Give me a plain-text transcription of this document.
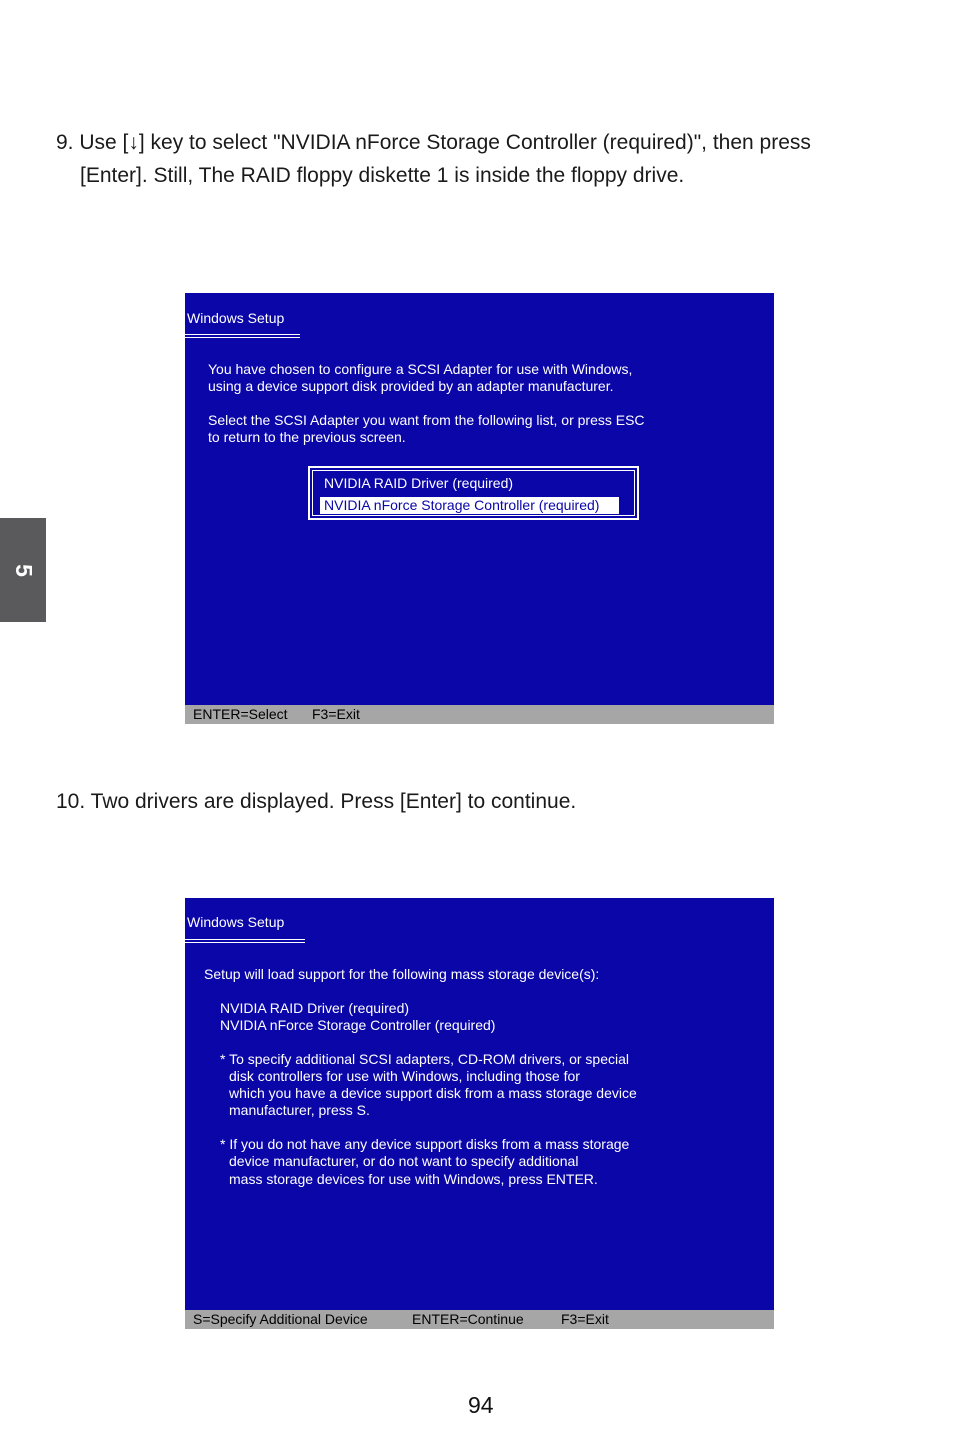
9. Use [↓] key to select "NVIDIA nForce Storage Controller (required)", then press
[Enter]. Still, The RAID floppy diskette 1 is inside the floppy drive.
5
Windows Setup
You have chosen to configure a SCSI Adapter for use with Windows,
using a device support disk provided by an adapter manufacturer.
Select the SCSI Adapter you want from the following list, or press ESC
to return to the previous screen.
NVIDIA RAID Driver (required)
NVIDIA nForce Storage Controller (required)
ENTER=Select F3=Exit
10. Two drivers are displayed. Press [Enter] to continue.
Windows Setup
Setup will load support for the following mass storage device(s):
NVIDIA RAID Driver (required)
NVIDIA nForce Storage Controller (required)
* To specify additional SCSI adapters, CD-ROM drivers, or special
disk controllers for use with Windows, including those for
which you have a device support disk from a mass storage device
manufacturer, press S.
* If you do not have any device support disks from a mass storage
device manufacturer, or do not want to specify additional
mass storage devices for use with Windows, press ENTER.
S=Specify Additional Device	ENTER=Continue	F3=Exit
94
